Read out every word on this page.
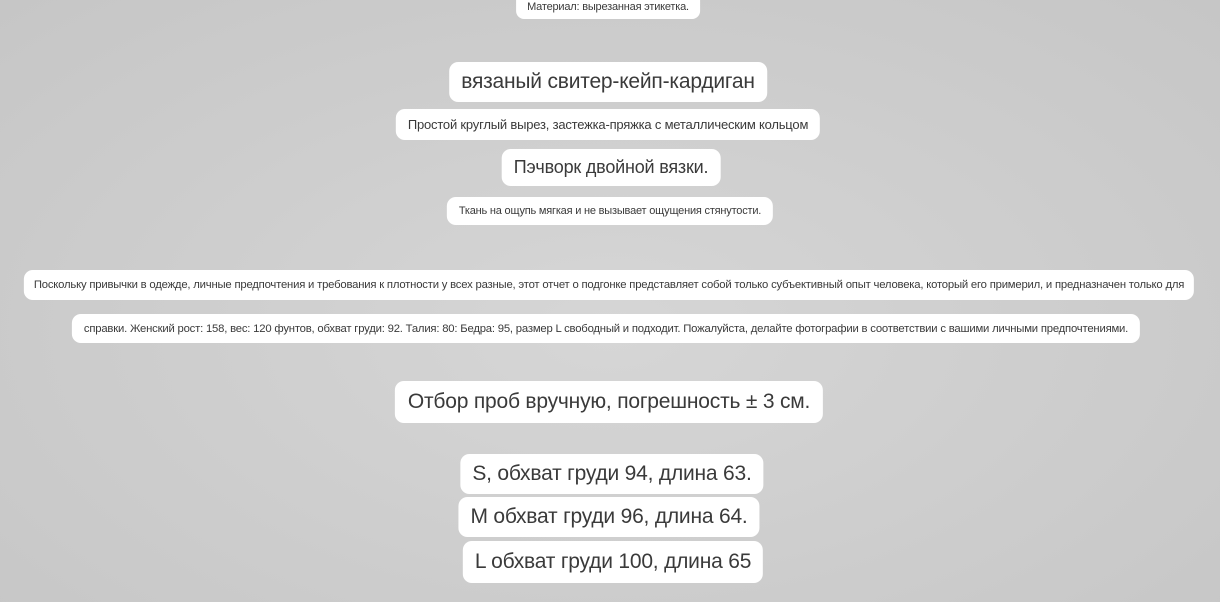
Материал: вырезанная этикетка.
вязаный свитер-кейп-кардиган
Простой круглый вырез, застежка-пряжка с металлическим кольцом
Пэчворк двойной вязки.
Ткань на ощупь мягкая и не вызывает ощущения стянутости.
Поскольку привычки в одежде, личные предпочтения и требования к плотности у всех разные, этот отчет о подгонке представляет собой только субъективный опыт человека, который его примерил, и предназначен только для
справки. Женский рост: 158, вес: 120 фунтов, обхват груди: 92. Талия: 80: Бедра: 95, размер L свободный и подходит. Пожалуйста, делайте фотографии в соответствии с вашими личными предпочтениями.
Отбор проб вручную, погрешность ± 3 см.
S, обхват груди 94, длина 63.
M обхват груди 96, длина 64.
L обхват груди 100, длина 65
